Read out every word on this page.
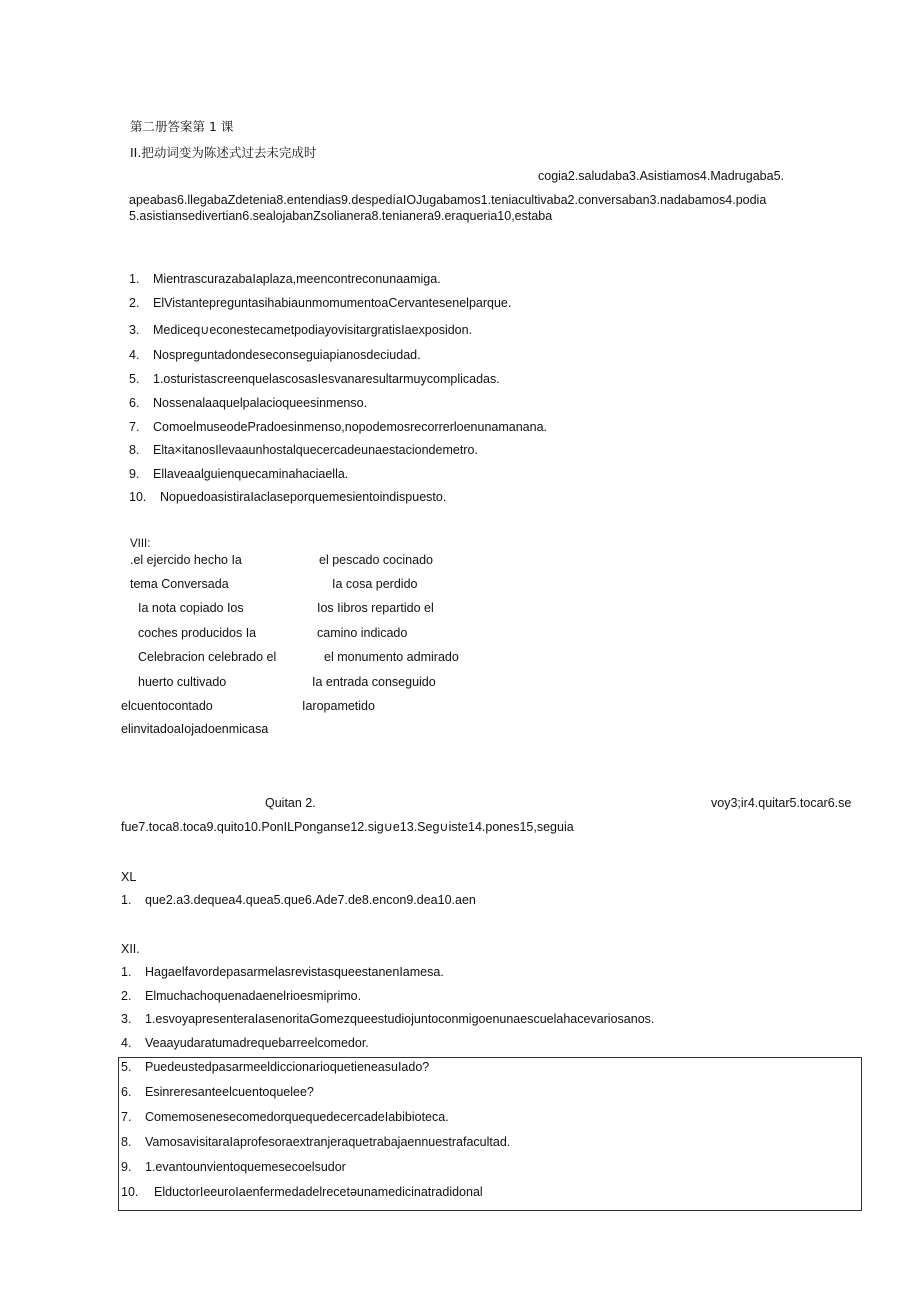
第二册答案第 1 课
II.把动词变为陈述式过去未完成时
cogia2.saludaba3.Asistiamos4.Madrugaba5.
apeabas6.llegabaZdetenia8.entendias9.despedíaIOJugabamos1.teniacultivaba2.conversaban3.nadabamos4.podia
5.asistiansedivertian6.sealojabanZsolianera8.tenianera9.eraqueria10,estaba
1. MientrascurazabaIaplaza,meencontreconunaamiga.
2. ElVistantepreguntasihabiaunmomumentoaCervantesenelparque.
3. Mediceq∪econestecametpodiayovisitargratisIaexposidon.
4. Nospreguntadondeseconseguiapianosdeciudad.
5. 1.osturistascreenquelascosasIesvanaresultarmuycomplicadas.
6. Nossenalaaquelpalacioqueesinmenso.
7. ComoelmuseodePradoesinmenso,nopodemosrecorrerloenunamanana.
8. Elta×itanosIlevaaunhostalquecercadeunaestaciondemetro.
9. Ellaveaalguienquecaminahaciaella.
10. NopuedoasistiraIaclaseporquemesientoindispuesto.
VIII:
.el ejercido hecho Ia
tema Conversada
Ia nota copiado Ios
coches producidos Ia
Celebracion celebrado el
huerto cultivado
elcuentocontado
elinvitadoaIojadoenmicasa
el pescado cocinado
Ia cosa perdido
Ios Iibros repartido el
camino indicado
el monumento admirado
Ia entrada conseguido
Iaropametido
Quitan 2.	voy3;ir4.quitar5.tocar6.se
fue7.toca8.toca9.quito10.PonILPonganse12.sig∪e13.Seg∪iste14.pones15,seguia
XL
1. que2.a3.dequea4.quea5.que6.Ade7.de8.encon9.dea10.aen
XII.
1. HagaelfavordepasarmelasrevistasqueestanenIamesa.
2. Elmuchachoquenadaenelrioesmiprimo.
3. 1.esvoyapresenteraIasenoritaGomezqueestudiojuntoconmigoenunaescuelahacevariosanos.
4. Veaayudaratumadrequebarreelcomedor.
5. PuedeustedpasarmeeldiccionarioquetieneasuIado?
6. Esinreresanteelcuentoquelee?
7. ComemosenesecomedorquequedecercadeIabibioteca.
8. VamosavisitaraIaprofesoraextranjeraquetrabajaennuestrafacultad.
9. 1.evantounvientoquemesecoelsudor
10. ElductorIeeuroIaenfermedadelrecetəunamedicinatradidonal
